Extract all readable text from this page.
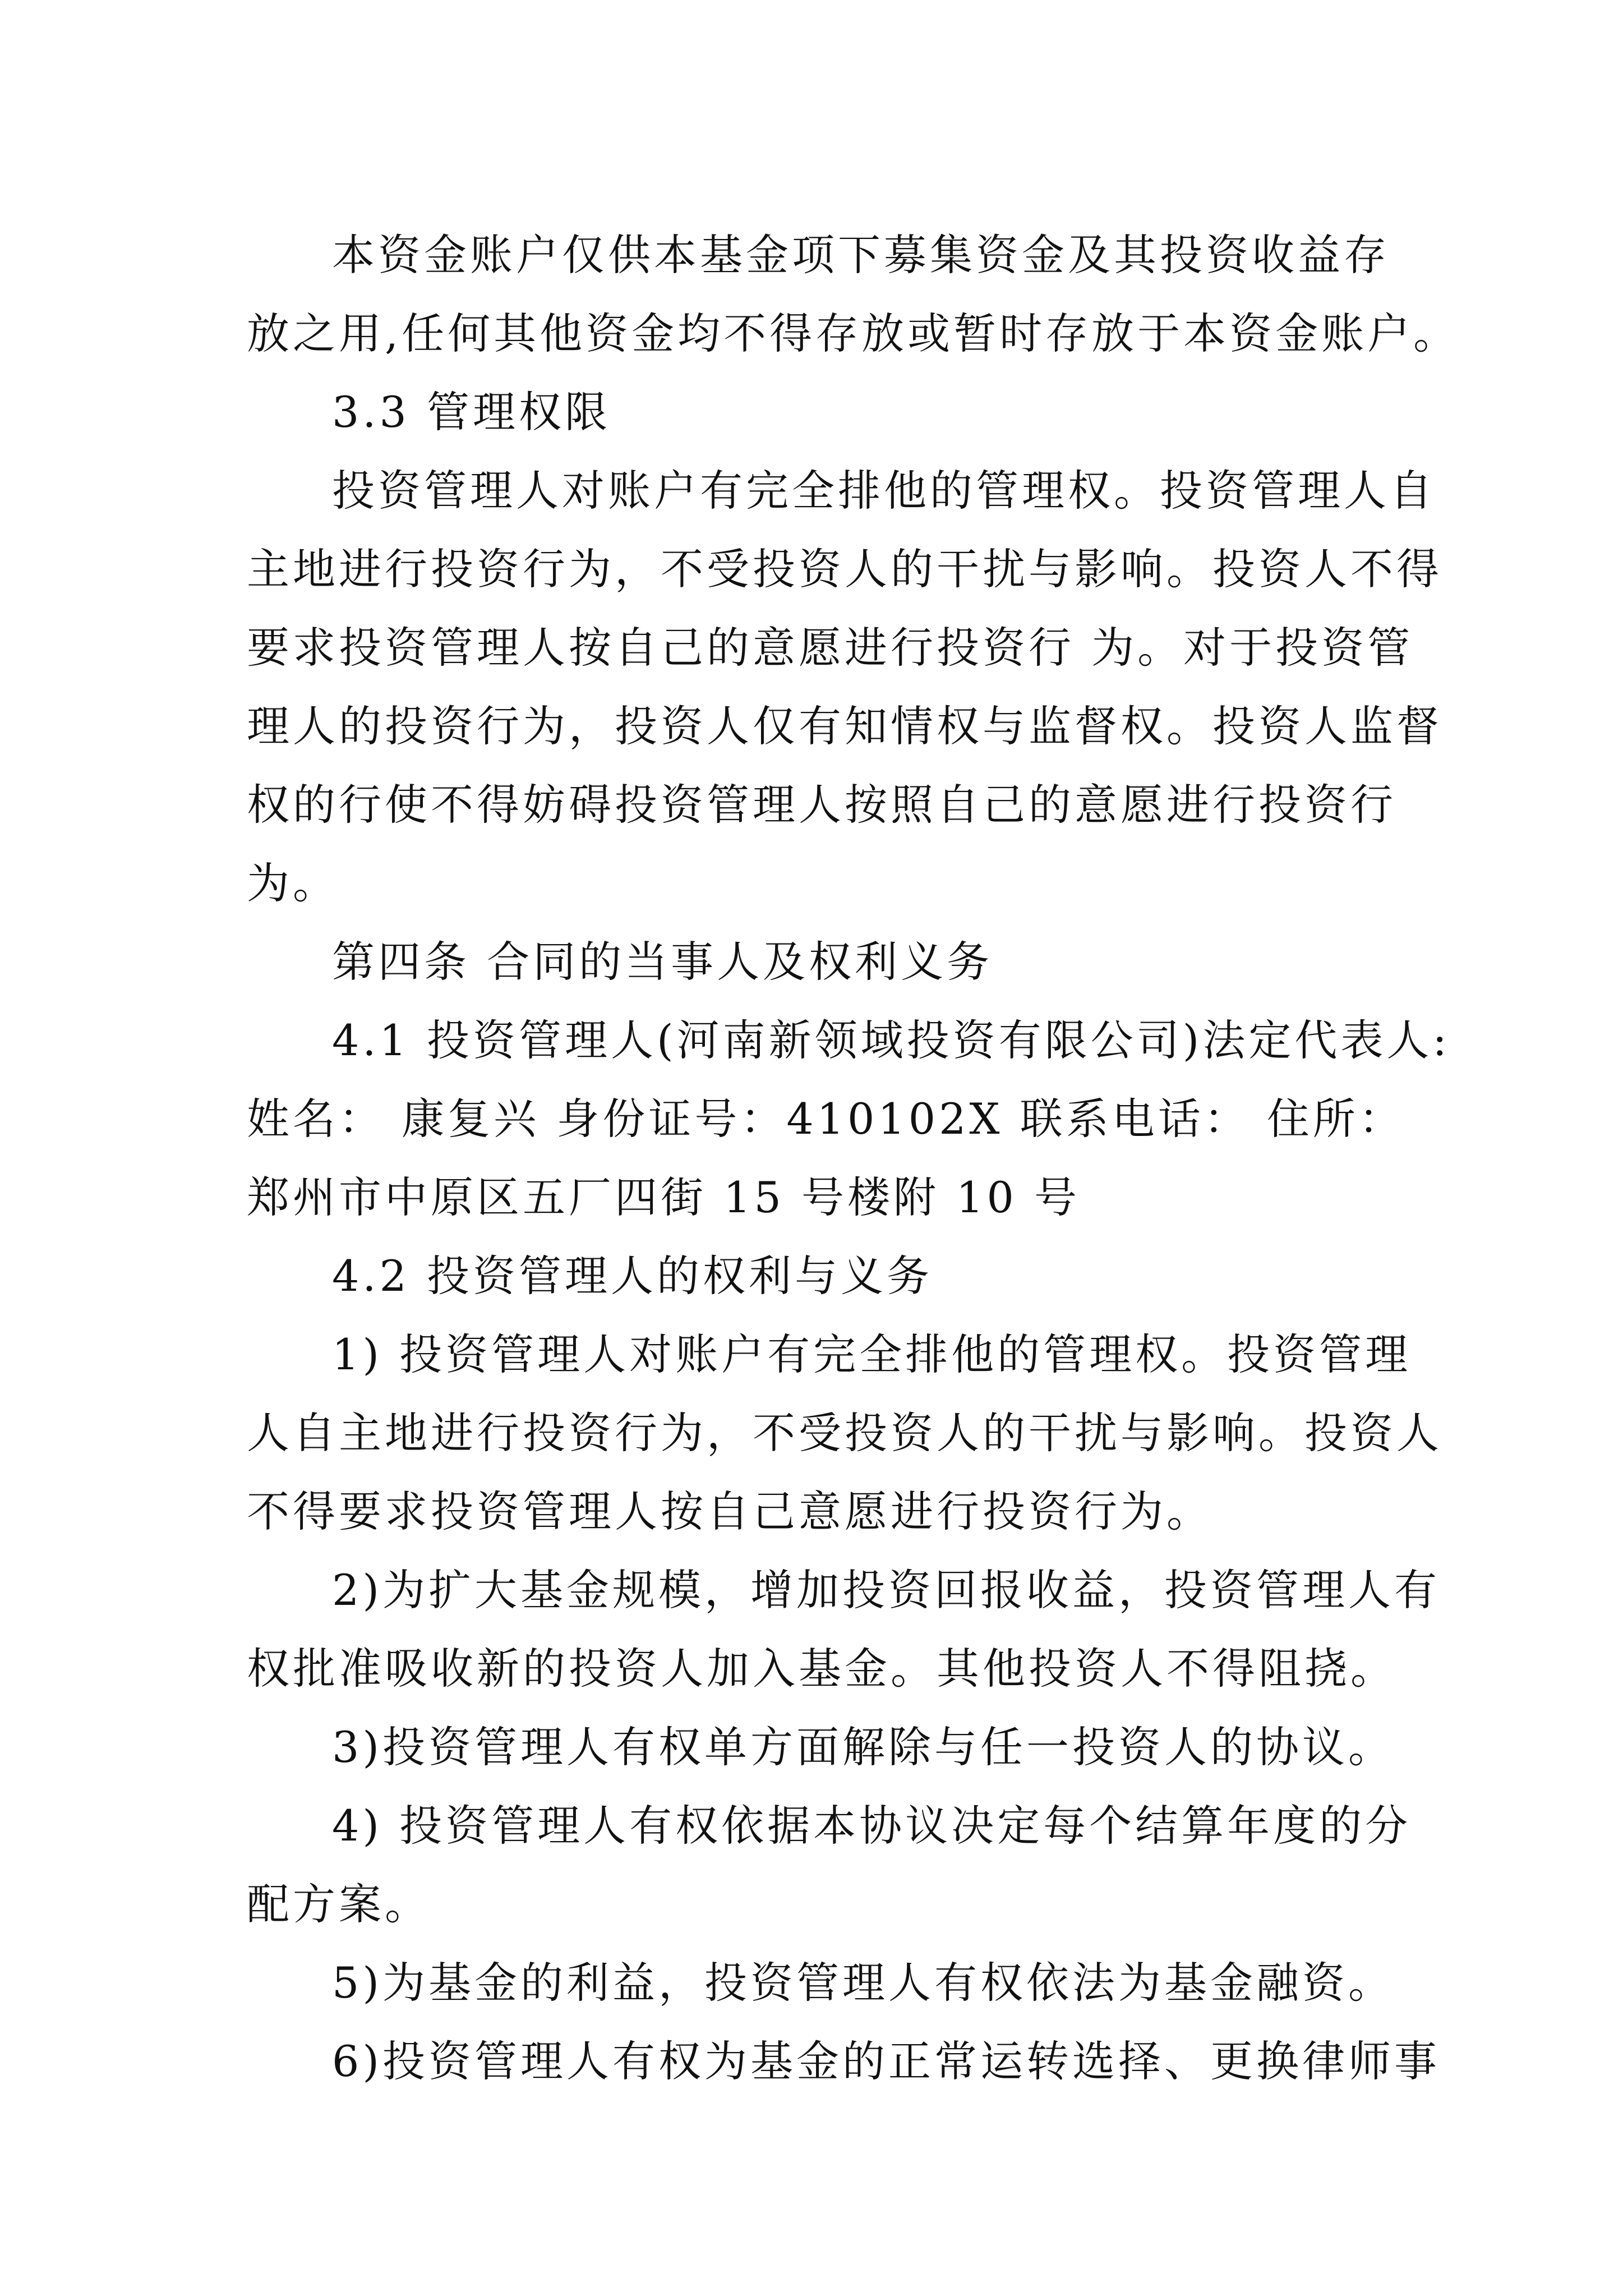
本资金账户仅供本基金项下募集资金及其投资收益存
放之用,任何其他资金均不得存放或暂时存放于本资金账户。
3.3 管理权限
投资管理人对账户有完全排他的管理权。投资管理人自
主地进行投资行为，不受投资人的干扰与影响。投资人不得
要求投资管理人按自己的意愿进行投资行 为。对于投资管
理人的投资行为，投资人仅有知情权与监督权。投资人监督
权的行使不得妨碍投资管理人按照自己的意愿进行投资行
为。
第四条 合同的当事人及权利义务
4.1 投资管理人(河南新领域投资有限公司)法定代表人:
姓名： 康复兴 身份证号：410102X 联系电话： 住所：
郑州市中原区五厂四街 15 号楼附 10 号
4.2 投资管理人的权利与义务
1) 投资管理人对账户有完全排他的管理权。投资管理
人自主地进行投资行为，不受投资人的干扰与影响。投资人
不得要求投资管理人按自己意愿进行投资行为。
2)为扩大基金规模，增加投资回报收益，投资管理人有
权批准吸收新的投资人加入基金。其他投资人不得阻挠。
3)投资管理人有权单方面解除与任一投资人的协议。
4) 投资管理人有权依据本协议决定每个结算年度的分
配方案。
5)为基金的利益，投资管理人有权依法为基金融资。
6)投资管理人有权为基金的正常运转选择、更换律师事
